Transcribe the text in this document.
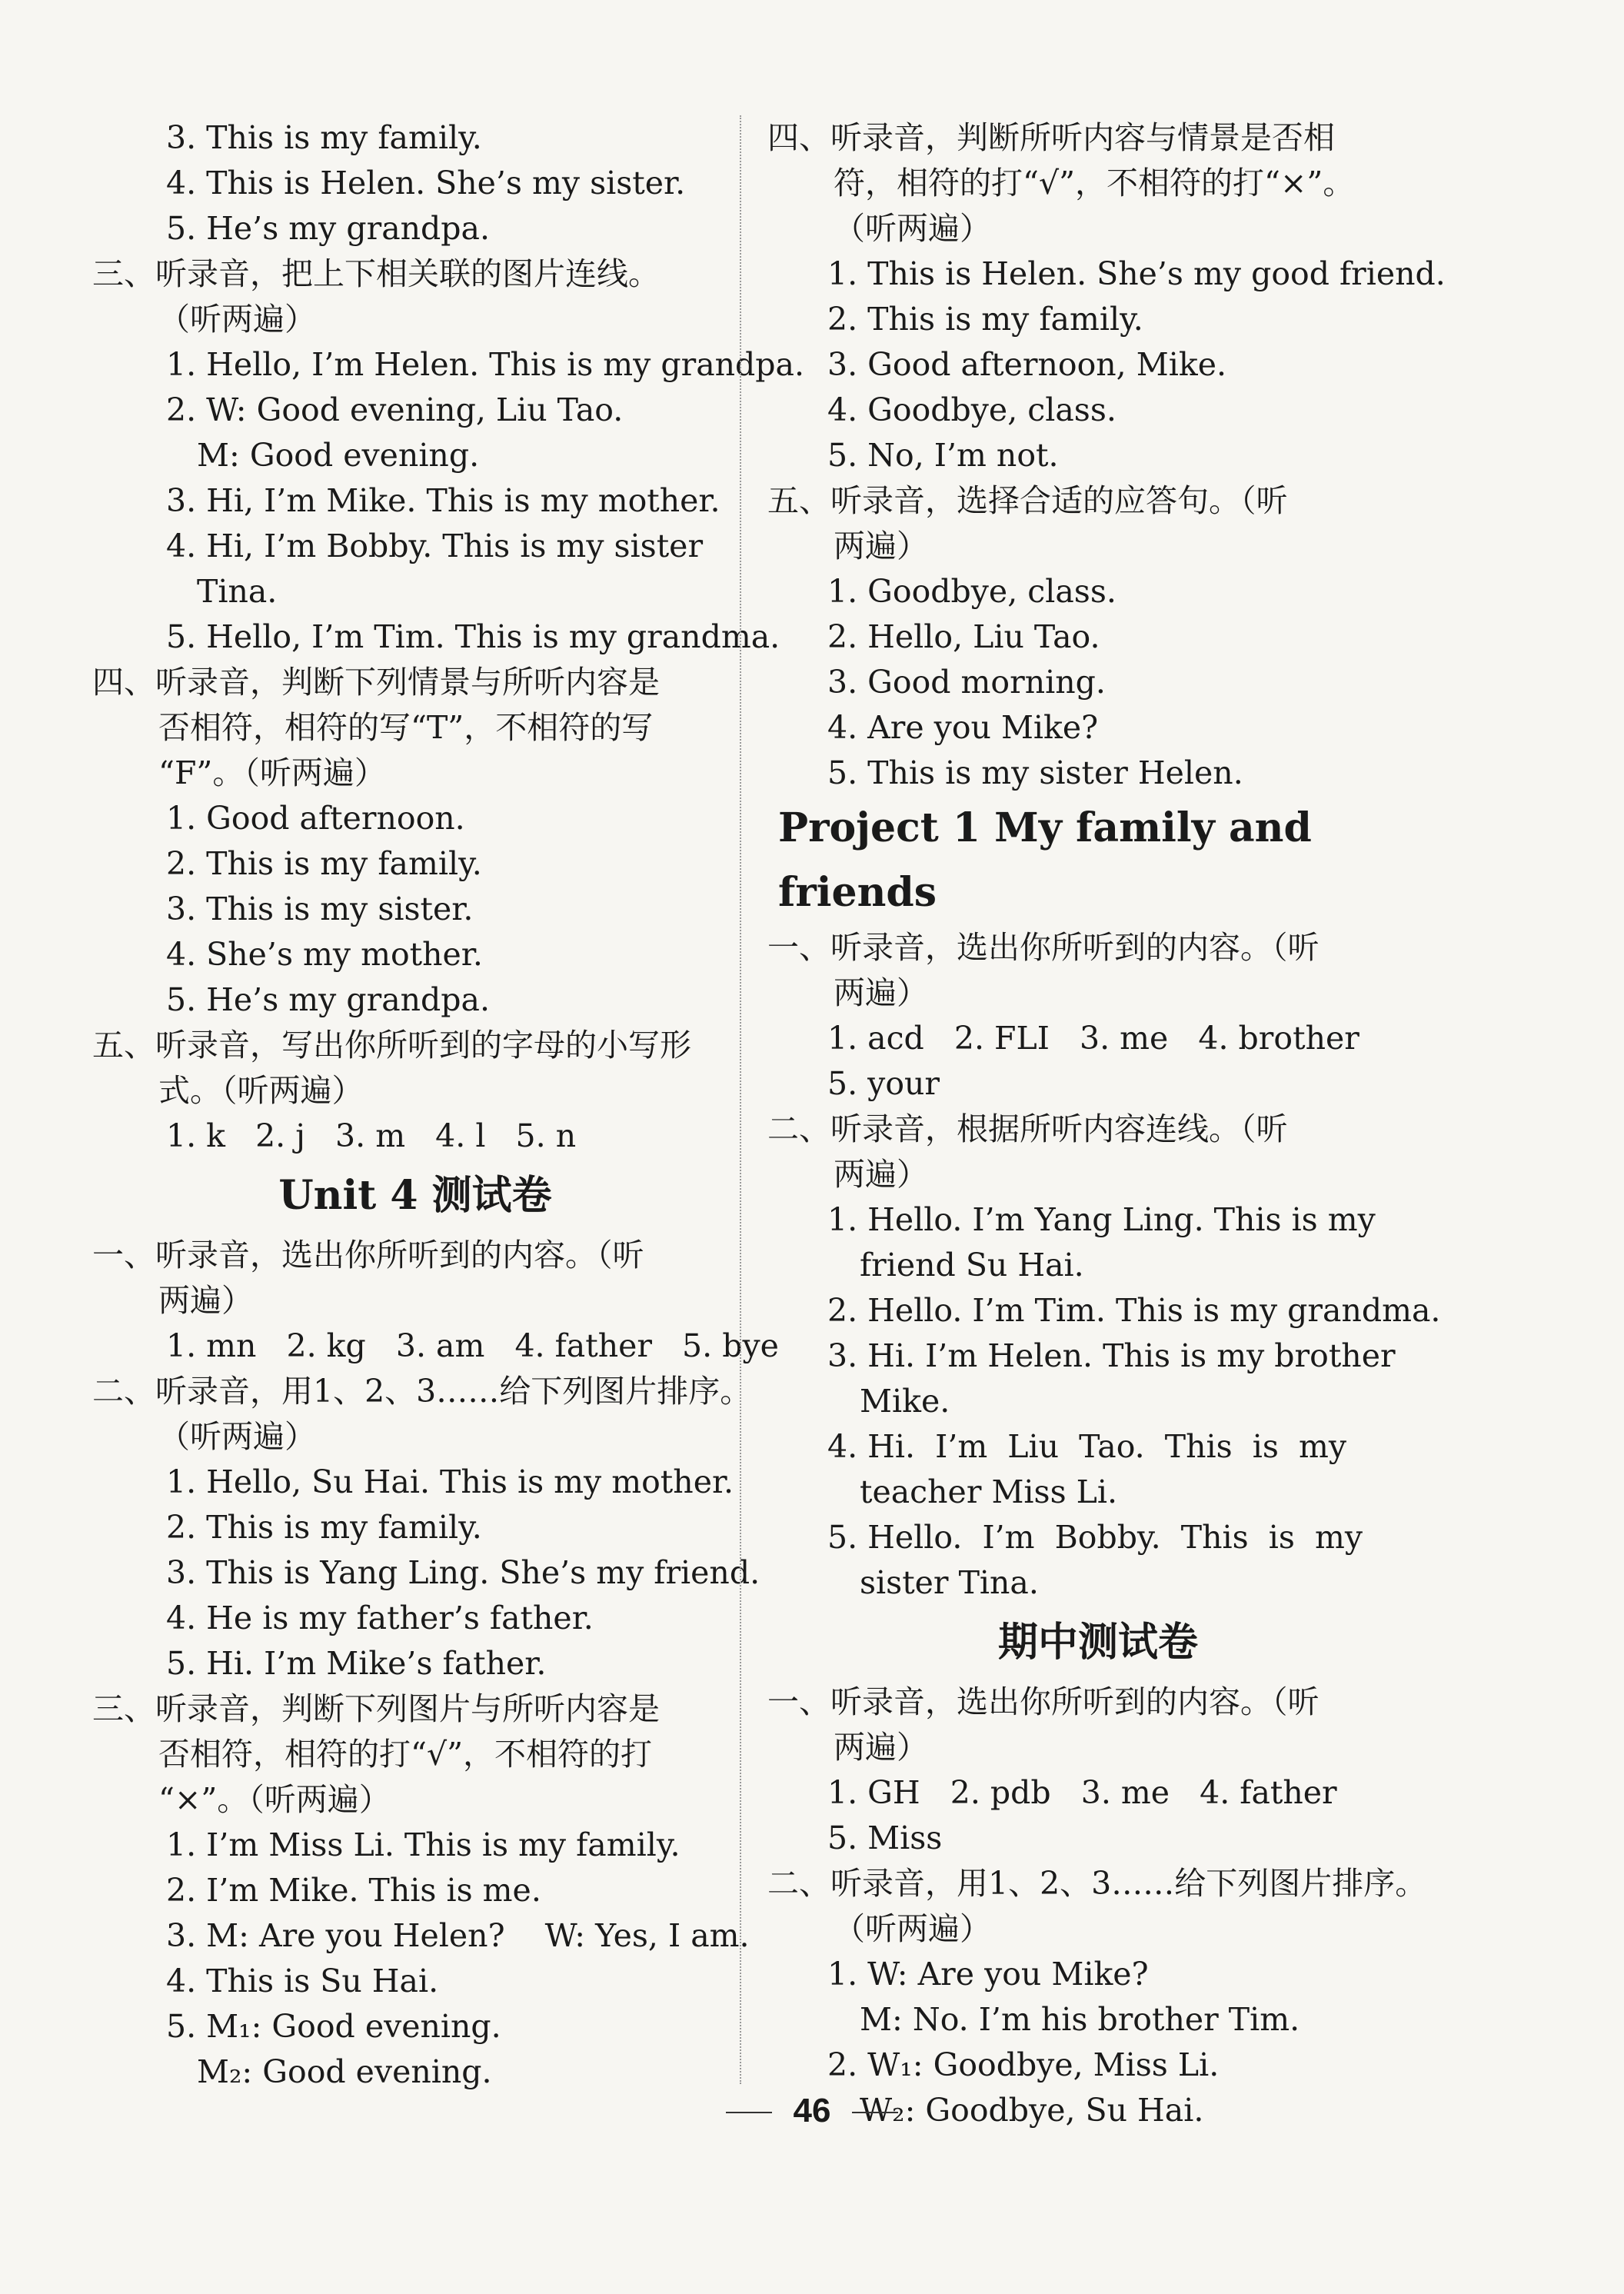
3. This is my family.
4. This is Helen. She’s my sister.
5. He’s my grandpa.
三、听录音，把上下相关联的图片连线。
（听两遍）
1. Hello, I’m Helen. This is my grandpa.
2. W: Good evening, Liu Tao.
M: Good evening.
3. Hi, I’m Mike. This is my mother.
4. Hi, I’m Bobby. This is my sister
Tina.
5. Hello, I’m Tim. This is my grandma.
四、听录音，判断下列情景与所听内容是
否相符，相符的写“T”，不相符的写
“F”。（听两遍）
1. Good afternoon.
2. This is my family.
3. This is my sister.
4. She’s my mother.
5. He’s my grandpa.
五、听录音，写出你所听到的字母的小写形
式。（听两遍）
1. k   2. j   3. m   4. l   5. n
Unit 4 测试卷
一、听录音，选出你所听到的内容。（听
两遍）
1. mn   2. kg   3. am   4. father   5. bye
二、听录音，用1、2、3……给下列图片排序。
（听两遍）
1. Hello, Su Hai. This is my mother.
2. This is my family.
3. This is Yang Ling. She’s my friend.
4. He is my father’s father.
5. Hi. I’m Mike’s father.
三、听录音，判断下列图片与所听内容是
否相符，相符的打“√”，不相符的打
“×”。（听两遍）
1. I’m Miss Li. This is my family.
2. I’m Mike. This is me.
3. M: Are you Helen?    W: Yes, I am.
4. This is Su Hai.
5. M₁: Good evening.
M₂: Good evening.
四、听录音，判断所听内容与情景是否相
符，相符的打“√”，不相符的打“×”。
（听两遍）
1. This is Helen. She’s my good friend.
2. This is my family.
3. Good afternoon, Mike.
4. Goodbye, class.
5. No, I’m not.
五、听录音，选择合适的应答句。（听
两遍）
1. Goodbye, class.
2. Hello, Liu Tao.
3. Good morning.
4. Are you Mike?
5. This is my sister Helen.
Project 1 My family and friends
一、听录音，选出你所听到的内容。（听
两遍）
1. acd   2. FLI   3. me   4. brother
5. your
二、听录音，根据所听内容连线。（听
两遍）
1. Hello. I’m Yang Ling. This is my
friend Su Hai.
2. Hello. I’m Tim. This is my grandma.
3. Hi. I’m Helen. This is my brother
Mike.
4. Hi.  I’m  Liu  Tao.  This  is  my
teacher Miss Li.
5. Hello.  I’m  Bobby.  This  is  my
sister Tina.
期中测试卷
一、听录音，选出你所听到的内容。（听
两遍）
1. GH   2. pdb   3. me   4. father
5. Miss
二、听录音，用1、2、3……给下列图片排序。
（听两遍）
1. W: Are you Mike?
M: No. I’m his brother Tim.
2. W₁: Goodbye, Miss Li.
W₂: Goodbye, Su Hai.
46
